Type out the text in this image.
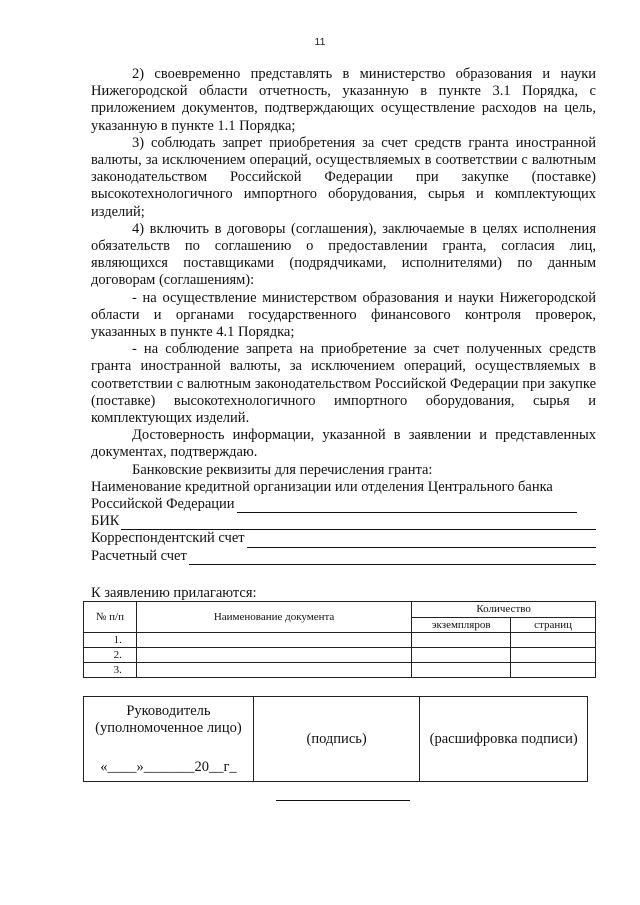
11

2) своевременно представлять в министерство образования и науки Нижегородской области отчетность, указанную в пункте 3.1 Порядка, с приложением документов, подтверждающих осуществление расходов на цель, указанную в пункте 1.1 Порядка;

3) соблюдать запрет приобретения за счет средств гранта иностранной валюты, за исключением операций, осуществляемых в соответствии с валютным законодательством Российской Федерации при закупке (поставке) высокотехнологичного импортного оборудования, сырья и комплектующих изделий;

4) включить в договоры (соглашения), заключаемые в целях исполнения обязательств по соглашению о предоставлении гранта, согласия лиц, являющихся поставщиками (подрядчиками, исполнителями) по данным договорам (соглашениям):

- на осуществление министерством образования и науки Нижегородской области и органами государственного финансового контроля проверок, указанных в пункте 4.1 Порядка;

- на соблюдение запрета на приобретение за счет полученных средств гранта иностранной валюты, за исключением операций, осуществляемых в соответствии с валютным законодательством Российской Федерации при закупке (поставке) высокотехнологичного импортного оборудования, сырья и комплектующих изделий.

Достоверность информации, указанной в заявлении и представленных документах, подтверждаю.

Банковские реквизиты для перечисления гранта:

Наименование кредитной организации или отделения Центрального банка

Российской Федерации
БИК
Корреспондентский счет
Расчетный счет

К заявлению прилагаются:

№ п/п	Наименование документа	Количество	
		экземпляров	страниц
1.			
2.			
3.			
Руководитель
(уполномоченное лицо)
«____»_______20__г_
	(подпись)	(расшифровка подписи)
